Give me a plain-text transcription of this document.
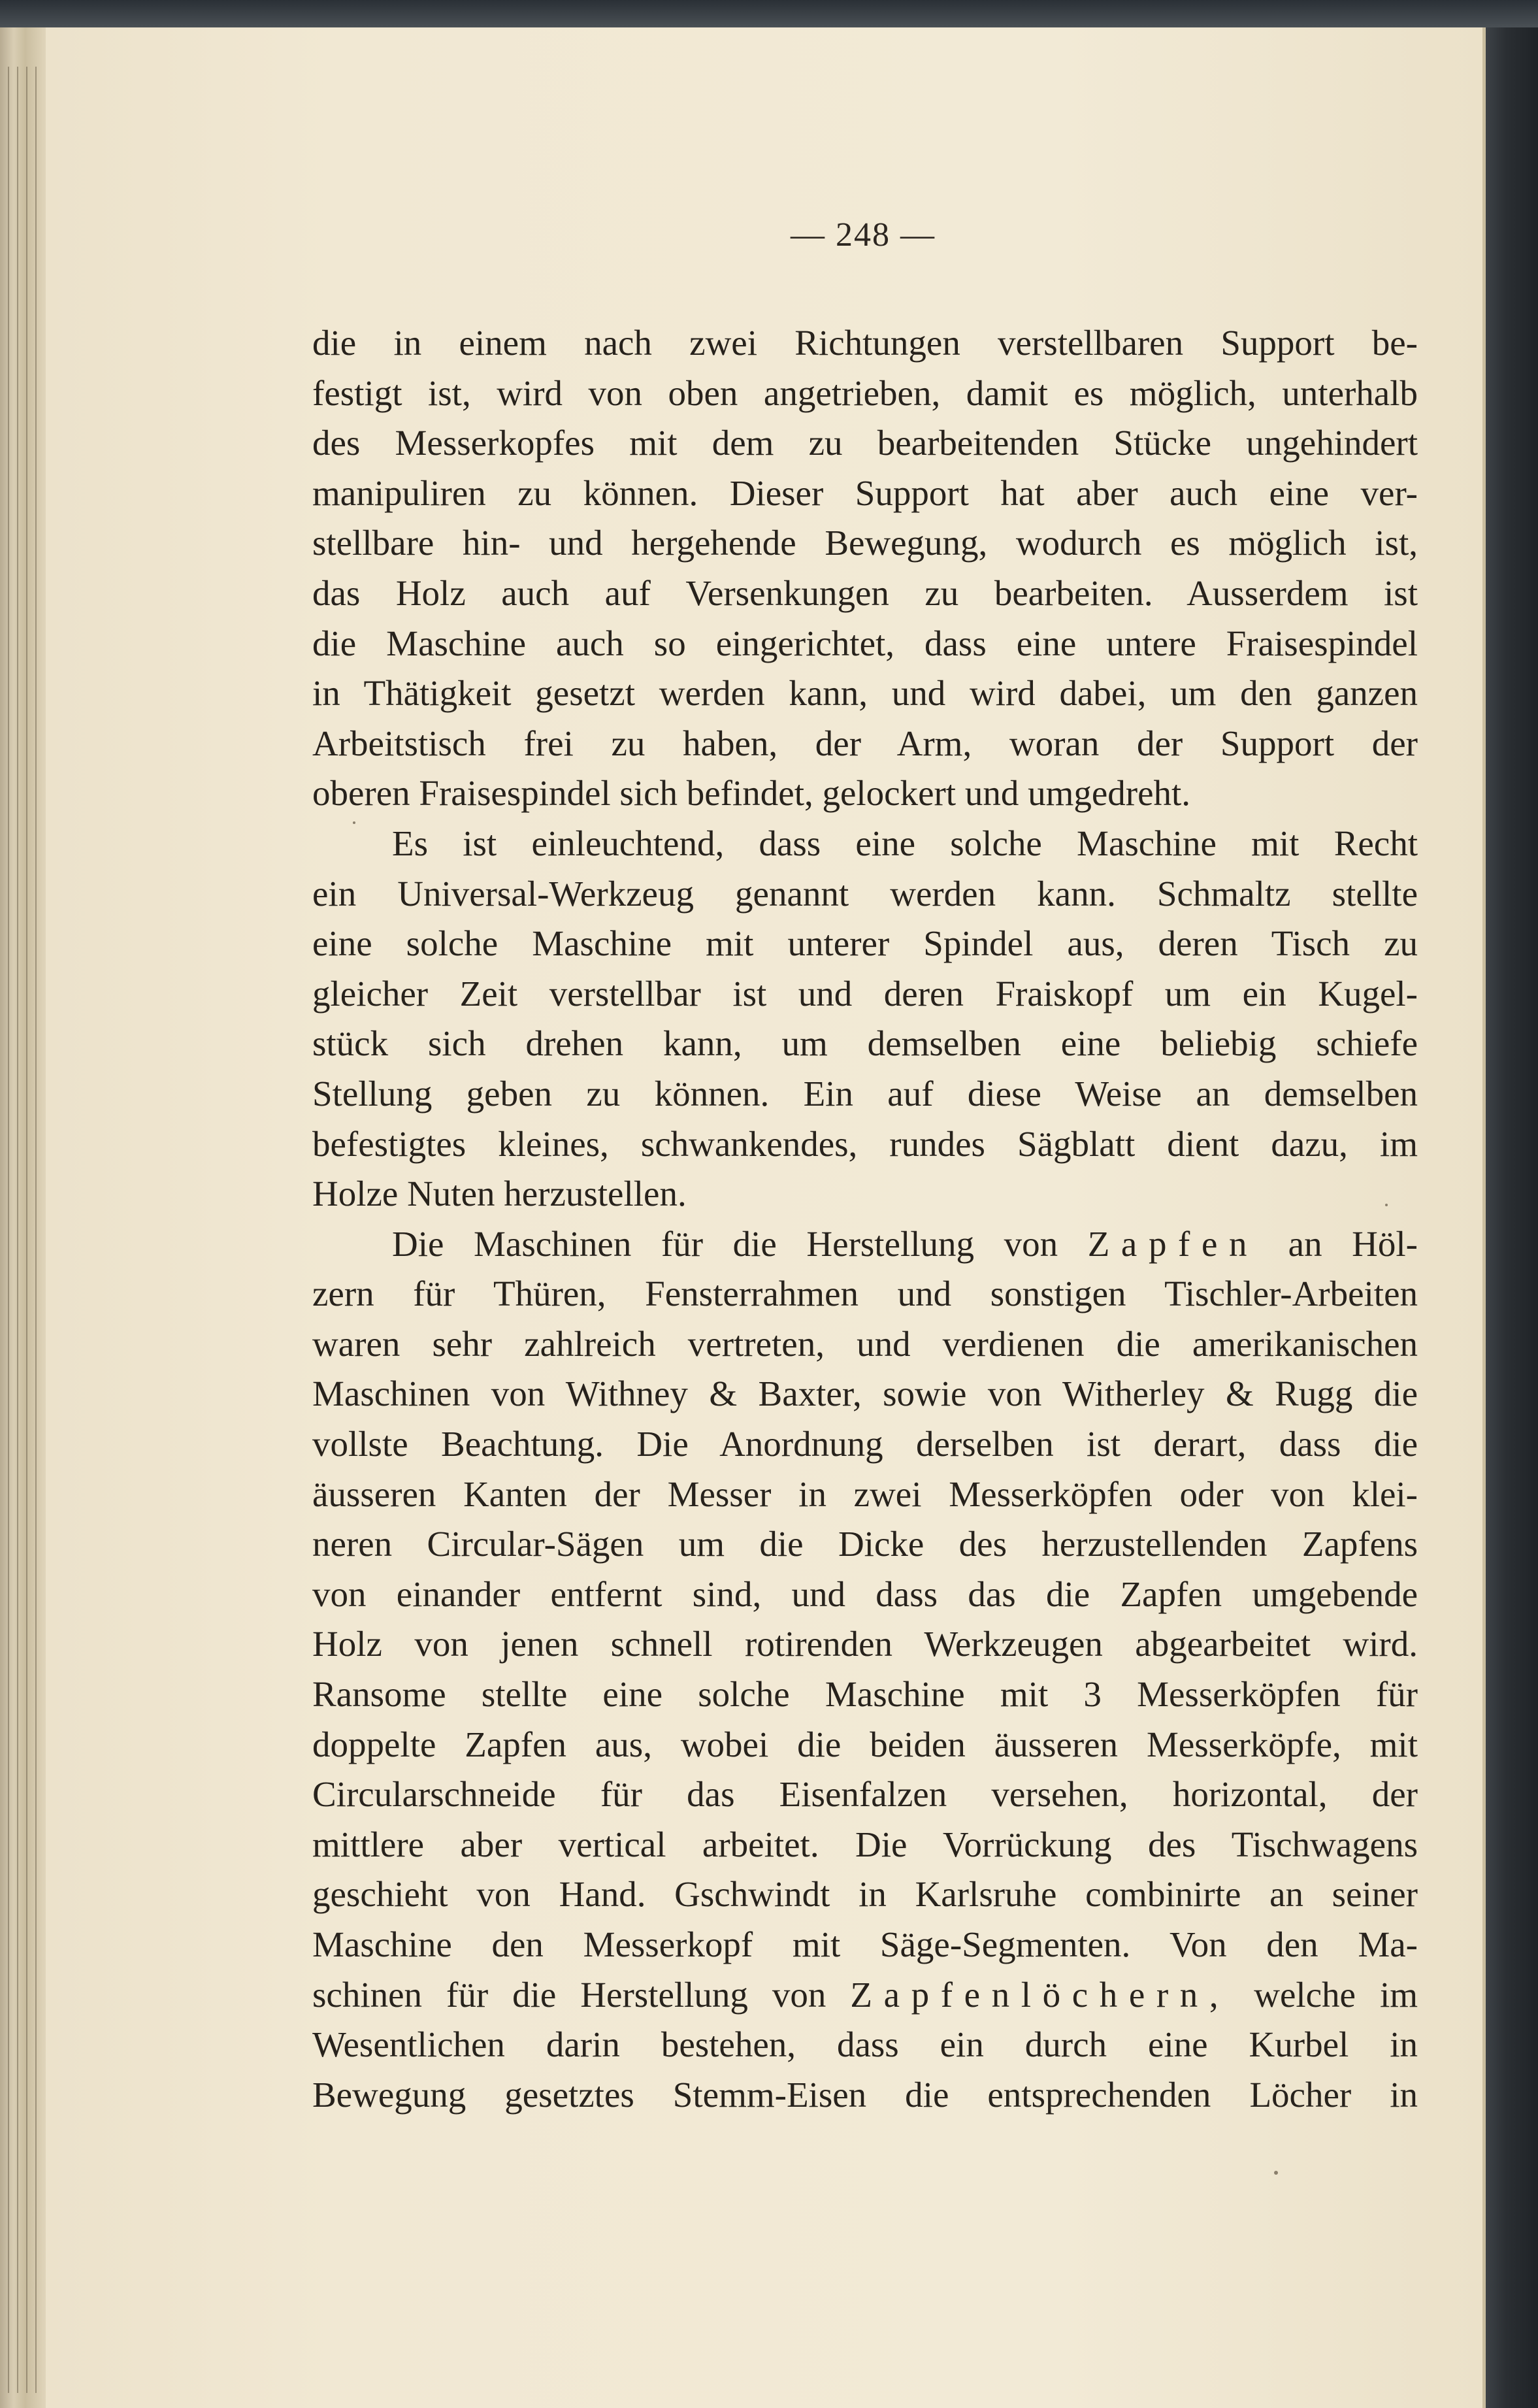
— 248 —
die in einem nach zwei Richtungen verstellbaren Support be-
festigt ist, wird von oben angetrieben, damit es möglich, unterhalb
des Messerkopfes mit dem zu bearbeitenden Stücke ungehindert
manipuliren zu können. Dieser Support hat aber auch eine ver-
stellbare hin- und hergehende Bewegung, wodurch es möglich ist,
das Holz auch auf Versenkungen zu bearbeiten. Ausserdem ist
die Maschine auch so eingerichtet, dass eine untere Fraisespindel
in Thätigkeit gesetzt werden kann, und wird dabei, um den ganzen
Arbeitstisch frei zu haben, der Arm, woran der Support der
oberen Fraisespindel sich befindet, gelockert und umgedreht.
Es ist einleuchtend, dass eine solche Maschine mit Recht
ein Universal-Werkzeug genannt werden kann. Schmaltz stellte
eine solche Maschine mit unterer Spindel aus, deren Tisch zu
gleicher Zeit verstellbar ist und deren Fraiskopf um ein Kugel-
stück sich drehen kann, um demselben eine beliebig schiefe
Stellung geben zu können. Ein auf diese Weise an demselben
befestigtes kleines, schwankendes, rundes Sägblatt dient dazu, im
Holze Nuten herzustellen.
Die Maschinen für die Herstellung von Zapfen an Höl-
zern für Thüren, Fensterrahmen und sonstigen Tischler-Arbeiten
waren sehr zahlreich vertreten, und verdienen die amerikanischen
Maschinen von Withney & Baxter, sowie von Witherley & Rugg die
vollste Beachtung. Die Anordnung derselben ist derart, dass die
äusseren Kanten der Messer in zwei Messerköpfen oder von klei-
neren Circular-Sägen um die Dicke des herzustellenden Zapfens
von einander entfernt sind, und dass das die Zapfen umgebende
Holz von jenen schnell rotirenden Werkzeugen abgearbeitet wird.
Ransome stellte eine solche Maschine mit 3 Messerköpfen für
doppelte Zapfen aus, wobei die beiden äusseren Messerköpfe, mit
Circularschneide für das Eisenfalzen versehen, horizontal, der
mittlere aber vertical arbeitet. Die Vorrückung des Tischwagens
geschieht von Hand. Gschwindt in Karlsruhe combinirte an seiner
Maschine den Messerkopf mit Säge-Segmenten. Von den Ma-
schinen für die Herstellung von Zapfenlöchern, welche im
Wesentlichen darin bestehen, dass ein durch eine Kurbel in
Bewegung gesetztes Stemm-Eisen die entsprechenden Löcher in
